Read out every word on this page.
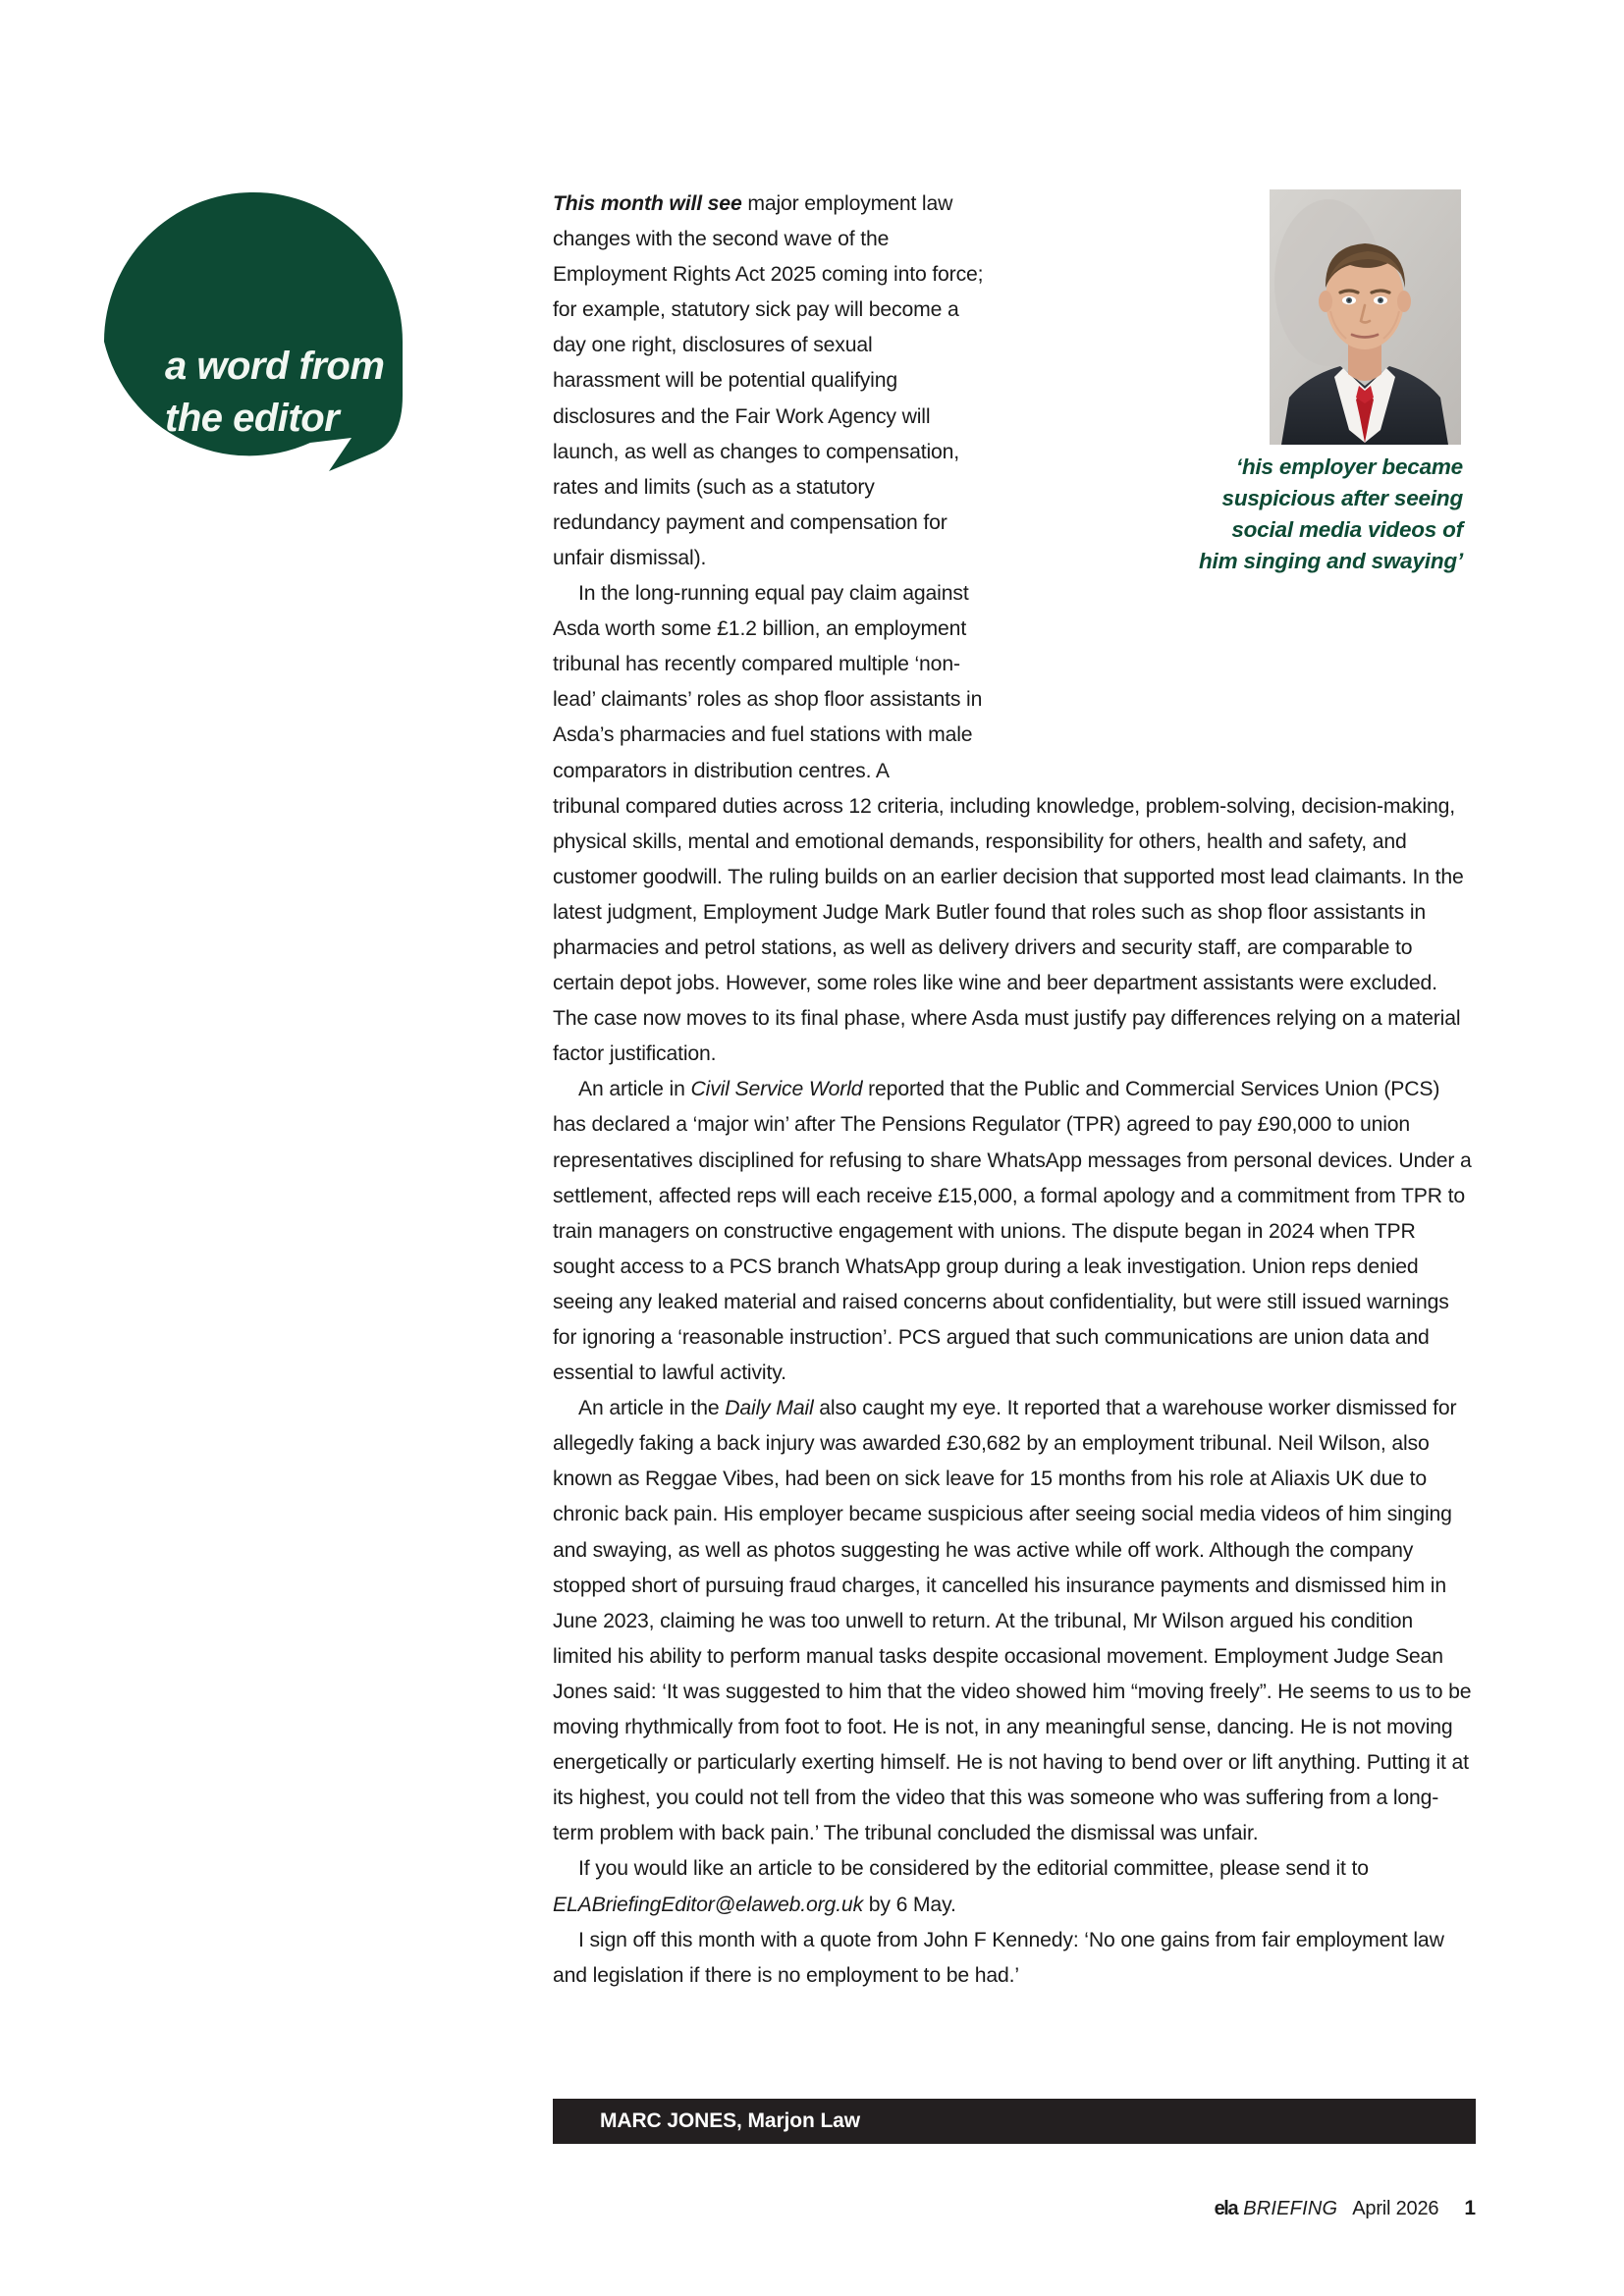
a word from
the editor
‘his employer became suspicious after seeing social media videos of him singing and swaying’

This month will see major employment law changes with the second wave of the Employment Rights Act 2025 coming into force; for example, statutory sick pay will become a day one right, disclosures of sexual harassment will be potential qualifying disclosures and the Fair Work Agency will launch, as well as changes to compensation, rates and limits (such as a statutory redundancy payment and compensation for unfair dismissal).

In the long-running equal pay claim against Asda worth some £1.2 billion, an employment tribunal has recently compared multiple ‘non-lead’ claimants’ roles as shop floor assistants in Asda’s pharmacies and fuel stations with male comparators in distribution centres. A

tribunal compared duties across 12 criteria, including knowledge, problem-solving, decision-making, physical skills, mental and emotional demands, responsibility for others, health and safety, and customer goodwill. The ruling builds on an earlier decision that supported most lead claimants. In the latest judgment, Employment Judge Mark Butler found that roles such as shop floor assistants in pharmacies and petrol stations, as well as delivery drivers and security staff, are comparable to certain depot jobs. However, some roles like wine and beer department assistants were excluded. The case now moves to its final phase, where Asda must justify pay differences relying on a material factor justification.

An article in Civil Service World reported that the Public and Commercial Services Union (PCS) has declared a ‘major win’ after The Pensions Regulator (TPR) agreed to pay £90,000 to union representatives disciplined for refusing to share WhatsApp messages from personal devices. Under a settlement, affected reps will each receive £15,000, a formal apology and a commitment from TPR to train managers on constructive engagement with unions. The dispute began in 2024 when TPR sought access to a PCS branch WhatsApp group during a leak investigation. Union reps denied seeing any leaked material and raised concerns about confidentiality, but were still issued warnings for ignoring a ‘reasonable instruction’. PCS argued that such communications are union data and essential to lawful activity.

An article in the Daily Mail also caught my eye. It reported that a warehouse worker dismissed for allegedly faking a back injury was awarded £30,682 by an employment tribunal. Neil Wilson, also known as Reggae Vibes, had been on sick leave for 15 months from his role at Aliaxis UK due to chronic back pain. His employer became suspicious after seeing social media videos of him singing and swaying, as well as photos suggesting he was active while off work. Although the company stopped short of pursuing fraud charges, it cancelled his insurance payments and dismissed him in June 2023, claiming he was too unwell to return. At the tribunal, Mr Wilson argued his condition limited his ability to perform manual tasks despite occasional movement. Employment Judge Sean Jones said: ‘It was suggested to him that the video showed him “moving freely”. He seems to us to be moving rhythmically from foot to foot. He is not, in any meaningful sense, dancing. He is not moving energetically or particularly exerting himself. He is not having to bend over or lift anything. Putting it at its highest, you could not tell from the video that this was someone who was suffering from a long-term problem with back pain.’ The tribunal concluded the dismissal was unfair.

If you would like an article to be considered by the editorial committee, please send it to ELABriefingEditor@elaweb.org.uk by 6 May.

I sign off this month with a quote from John F Kennedy: ‘No one gains from fair employment law and legislation if there is no employment to be had.’

MARC JONES, Marjon Law
ela BRIEFING April 2026 1
